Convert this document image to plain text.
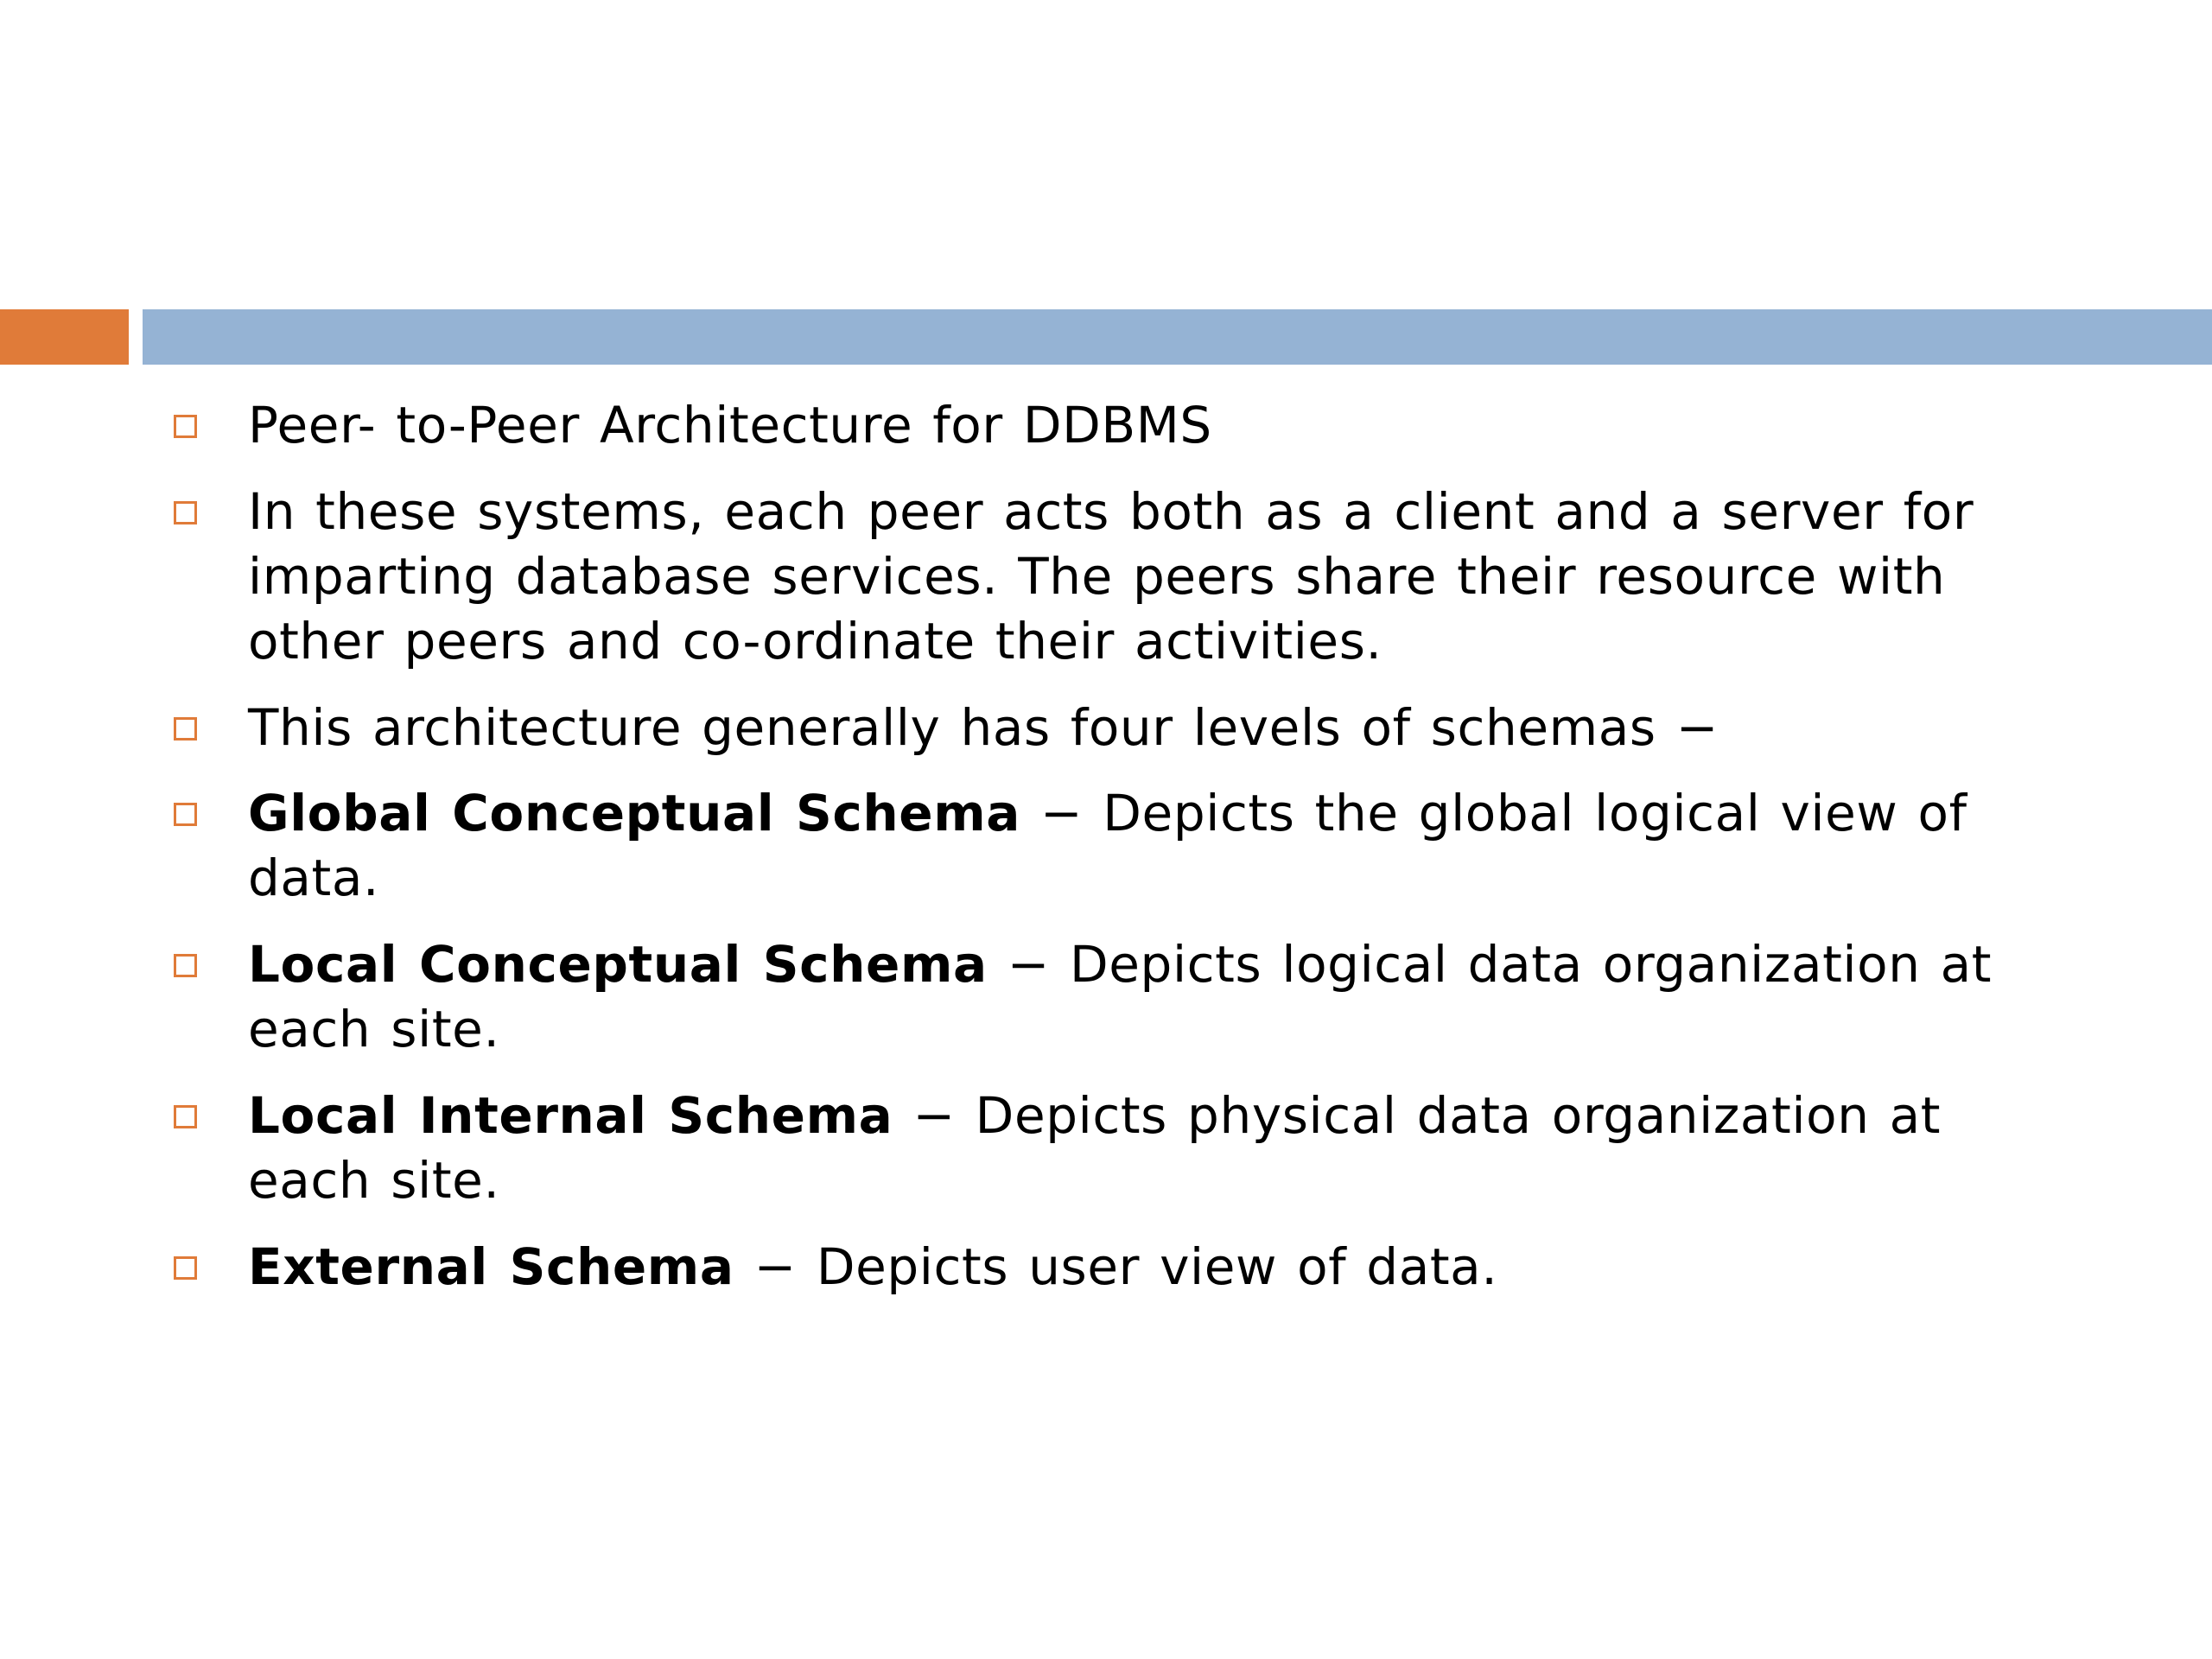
Peer- to-Peer Architecture for DDBMS
In these systems, each peer acts both as a client and a server for imparting database services. The peers share their resource with other peers and co-ordinate their activities.
This architecture generally has four levels of schemas −
Global Conceptual Schema − Depicts the global logical view of data.
Local Conceptual Schema − Depicts logical data organization at each site.
Local Internal Schema − Depicts physical data organization at each site.
External Schema − Depicts user view of data.
